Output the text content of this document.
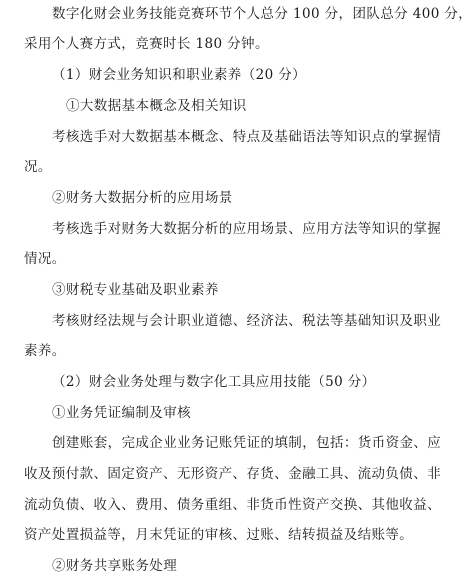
数字化财会业务技能竞赛环节个人总分 100 分，团队总分 400 分，
采用个人赛方式，竞赛时长 180 分钟。
（1）财会业务知识和职业素养（20 分）
①大数据基本概念及相关知识
考核选手对大数据基本概念、特点及基础语法等知识点的掌握情
况。
②财务大数据分析的应用场景
考核选手对财务大数据分析的应用场景、应用方法等知识的掌握
情况。
③财税专业基础及职业素养
考核财经法规与会计职业道德、经济法、税法等基础知识及职业
素养。
（2）财会业务处理与数字化工具应用技能（50 分）
①业务凭证编制及审核
创建账套，完成企业业务记账凭证的填制，包括：货币资金、应
收及预付款、固定资产、无形资产、存货、金融工具、流动负债、非
流动负债、收入、费用、债务重组、非货币性资产交换、其他收益、
资产处置损益等，月末凭证的审核、过账、结转损益及结账等。
②财务共享账务处理
